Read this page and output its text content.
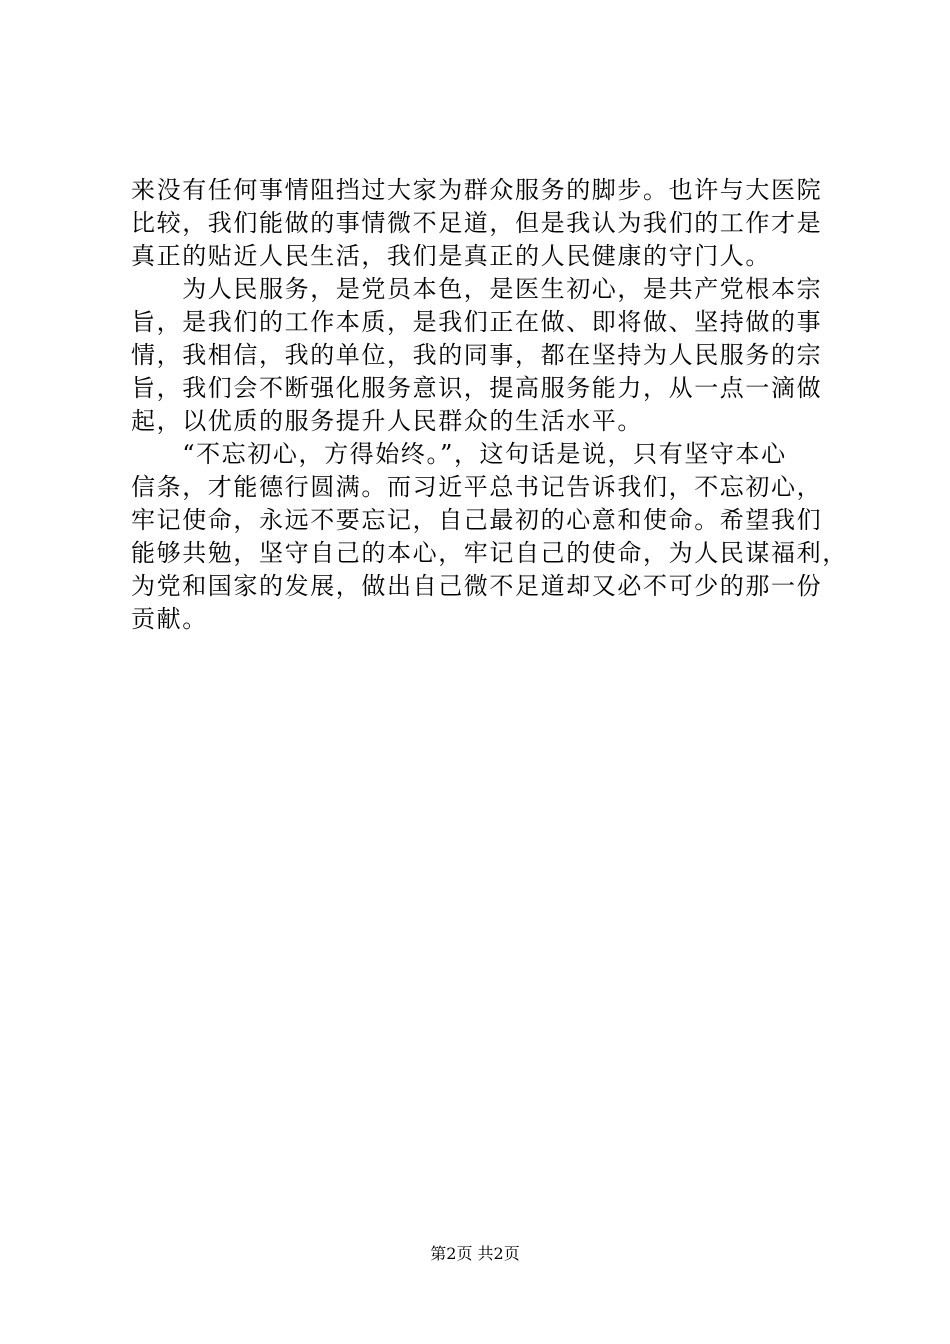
来没有任何事情阻挡过大家为群众服务的脚步。也许与大医院
比较，我们能做的事情微不足道，但是我认为我们的工作才是
真正的贴近人民生活，我们是真正的人民健康的守门人。
　　为人民服务，是党员本色，是医生初心，是共产党根本宗
旨，是我们的工作本质，是我们正在做、即将做、坚持做的事
情，我相信，我的单位，我的同事，都在坚持为人民服务的宗
旨，我们会不断强化服务意识，提高服务能力，从一点一滴做
起，以优质的服务提升人民群众的生活水平。
　　“不忘初心，方得始终。”，这句话是说，只有坚守本心
信条，才能德行圆满。而习近平总书记告诉我们，不忘初心，
牢记使命，永远不要忘记，自己最初的心意和使命。希望我们
能够共勉，坚守自己的本心，牢记自己的使命，为人民谋福利，
为党和国家的发展，做出自己微不足道却又必不可少的那一份
贡献。
第2页 共2页
